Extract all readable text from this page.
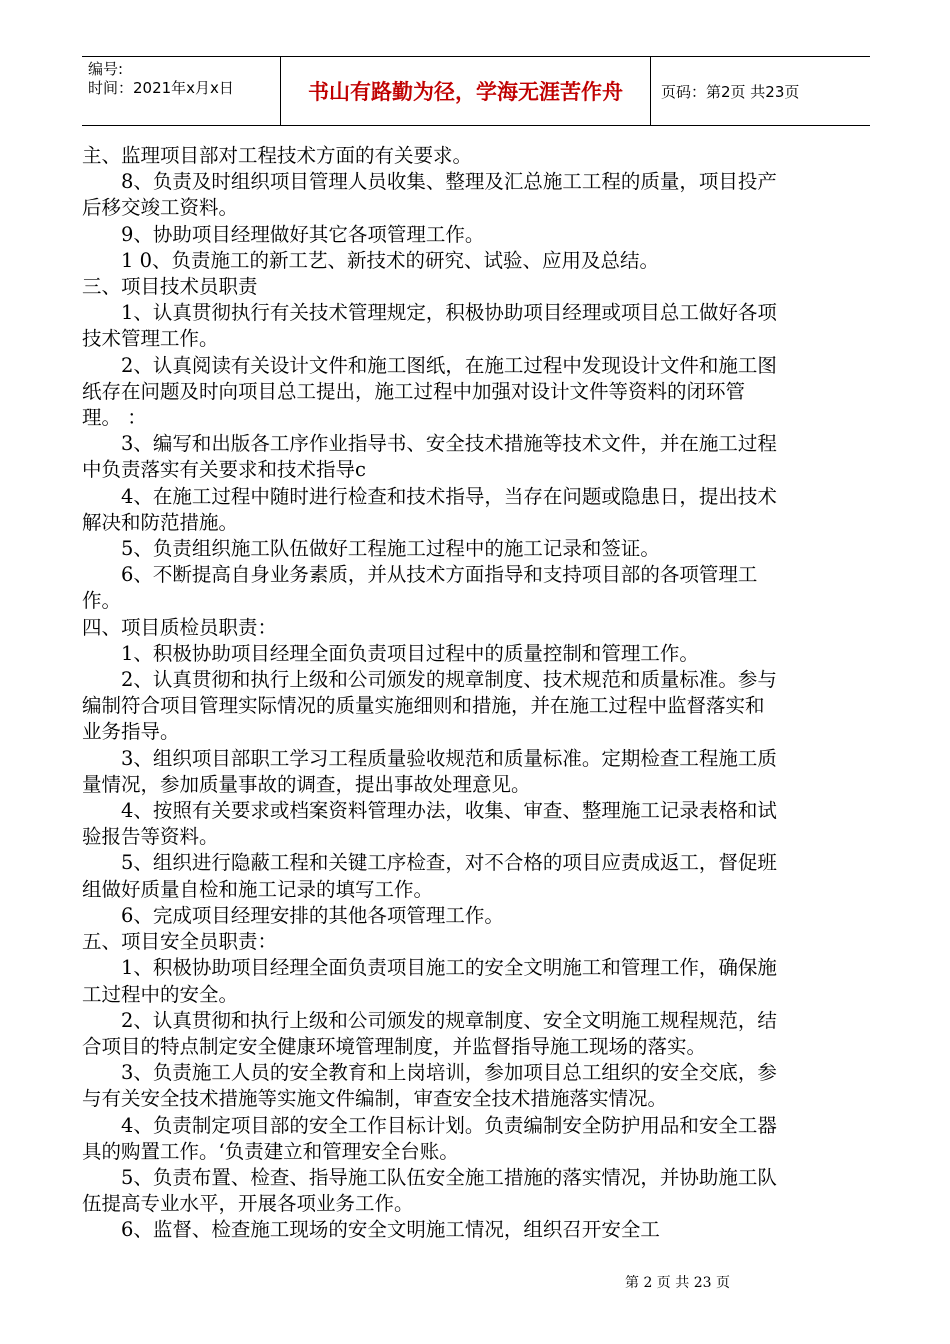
编号:
时间：2021年x月x日	书山有路勤为径，学海无涯苦作舟	页码：第2页 共23页

主、监理项目部对工程技术方面的有关要求。

8、负责及时组织项目管理人员收集、整理及汇总施工工程的质量，项目投产后移交竣工资料。

9、协助项目经理做好其它各项管理工作。

1 0、负责施工的新工艺、新技术的研究、试验、应用及总结。

三、项目技术员职责

1、认真贯彻执行有关技术管理规定，积极协助项目经理或项目总工做好各项技术管理工作。

2、认真阅读有关设计文件和施工图纸，在施工过程中发现设计文件和施工图纸存在问题及时向项目总工提出，施工过程中加强对设计文件等资料的闭环管理。 ：

3、编写和出版各工序作业指导书、安全技术措施等技术文件，并在施工过程中负责落实有关要求和技术指导c

4、在施工过程中随时进行检查和技术指导，当存在问题或隐患日，提出技术解决和防范措施。

5、负责组织施工队伍做好工程施工过程中的施工记录和签证。

6、不断提高自身业务素质，并从技术方面指导和支持项目部的各项管理工作。

四、项目质检员职责：

1、积极协助项目经理全面负责项目过程中的质量控制和管理工作。

2、认真贯彻和执行上级和公司颁发的规章制度、技术规范和质量标准。参与编制符合项目管理实际情况的质量实施细则和措施，并在施工过程中监督落实和业务指导。

3、组织项目部职工学习工程质量验收规范和质量标准。定期检查工程施工质量情况，参加质量事故的调查，提出事故处理意见。

4、按照有关要求或档案资料管理办法，收集、审查、整理施工记录表格和试验报告等资料。

5、组织进行隐蔽工程和关键工序检查，对不合格的项目应责成返工，督促班组做好质量自检和施工记录的填写工作。

6、完成项目经理安排的其他各项管理工作。

五、项目安全员职责：

1、积极协助项目经理全面负责项目施工的安全文明施工和管理工作，确保施工过程中的安全。

2、认真贯彻和执行上级和公司颁发的规章制度、安全文明施工规程规范，结合项目的特点制定安全健康环境管理制度，并监督指导施工现场的落实。

3、负责施工人员的安全教育和上岗培训，参加项目总工组织的安全交底，参与有关安全技术措施等实施文件编制，审查安全技术措施落实情况。

4、负责制定项目部的安全工作目标计划。负责编制安全防护用品和安全工器具的购置工作。‘负责建立和管理安全台账。

5、负责布置、检查、指导施工队伍安全施工措施的落实情况，并协助施工队伍提高专业水平，开展各项业务工作。

6、监督、检查施工现场的安全文明施工情况，组织召开安全工

第 2 页 共 23 页
